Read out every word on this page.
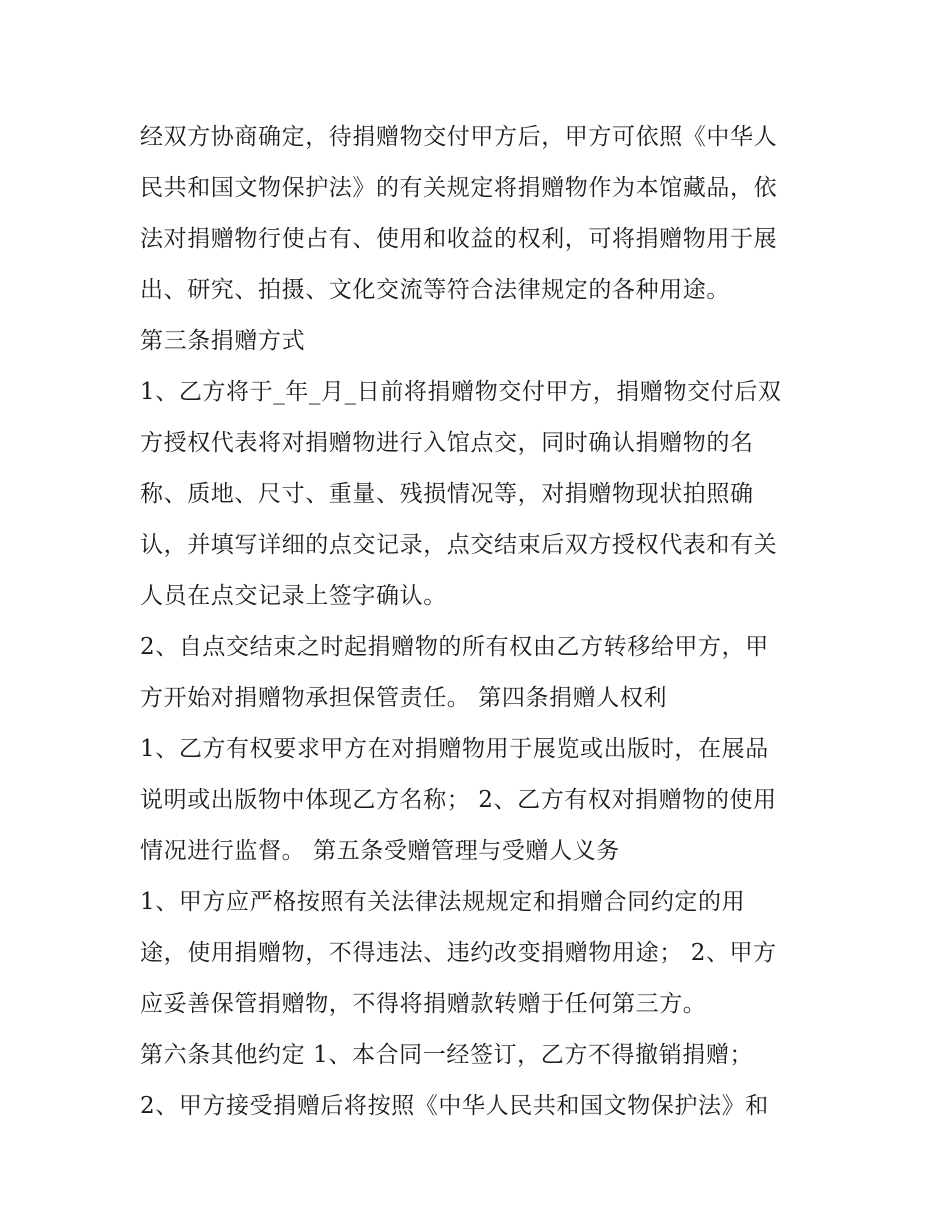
经双方协商确定，待捐赠物交付甲方后，甲方可依照《中华人
民共和国文物保护法》的有关规定将捐赠物作为本馆藏品，依
法对捐赠物行使占有、使用和收益的权利，可将捐赠物用于展
出、研究、拍摄、文化交流等符合法律规定的各种用途。
第三条捐赠方式
1、乙方将于_年_月_日前将捐赠物交付甲方，捐赠物交付后双
方授权代表将对捐赠物进行入馆点交，同时确认捐赠物的名
称、质地、尺寸、重量、残损情况等，对捐赠物现状拍照确
认，并填写详细的点交记录，点交结束后双方授权代表和有关
人员在点交记录上签字确认。
2、自点交结束之时起捐赠物的所有权由乙方转移给甲方，甲
方开始对捐赠物承担保管责任。 第四条捐赠人权利
1、乙方有权要求甲方在对捐赠物用于展览或出版时，在展品
说明或出版物中体现乙方名称； 2、乙方有权对捐赠物的使用
情况进行监督。 第五条受赠管理与受赠人义务
1、甲方应严格按照有关法律法规规定和捐赠合同约定的用
途，使用捐赠物，不得违法、违约改变捐赠物用途； 2、甲方
应妥善保管捐赠物，不得将捐赠款转赠于任何第三方。
第六条其他约定 1、本合同一经签订，乙方不得撤销捐赠；
2、甲方接受捐赠后将按照《中华人民共和国文物保护法》和
